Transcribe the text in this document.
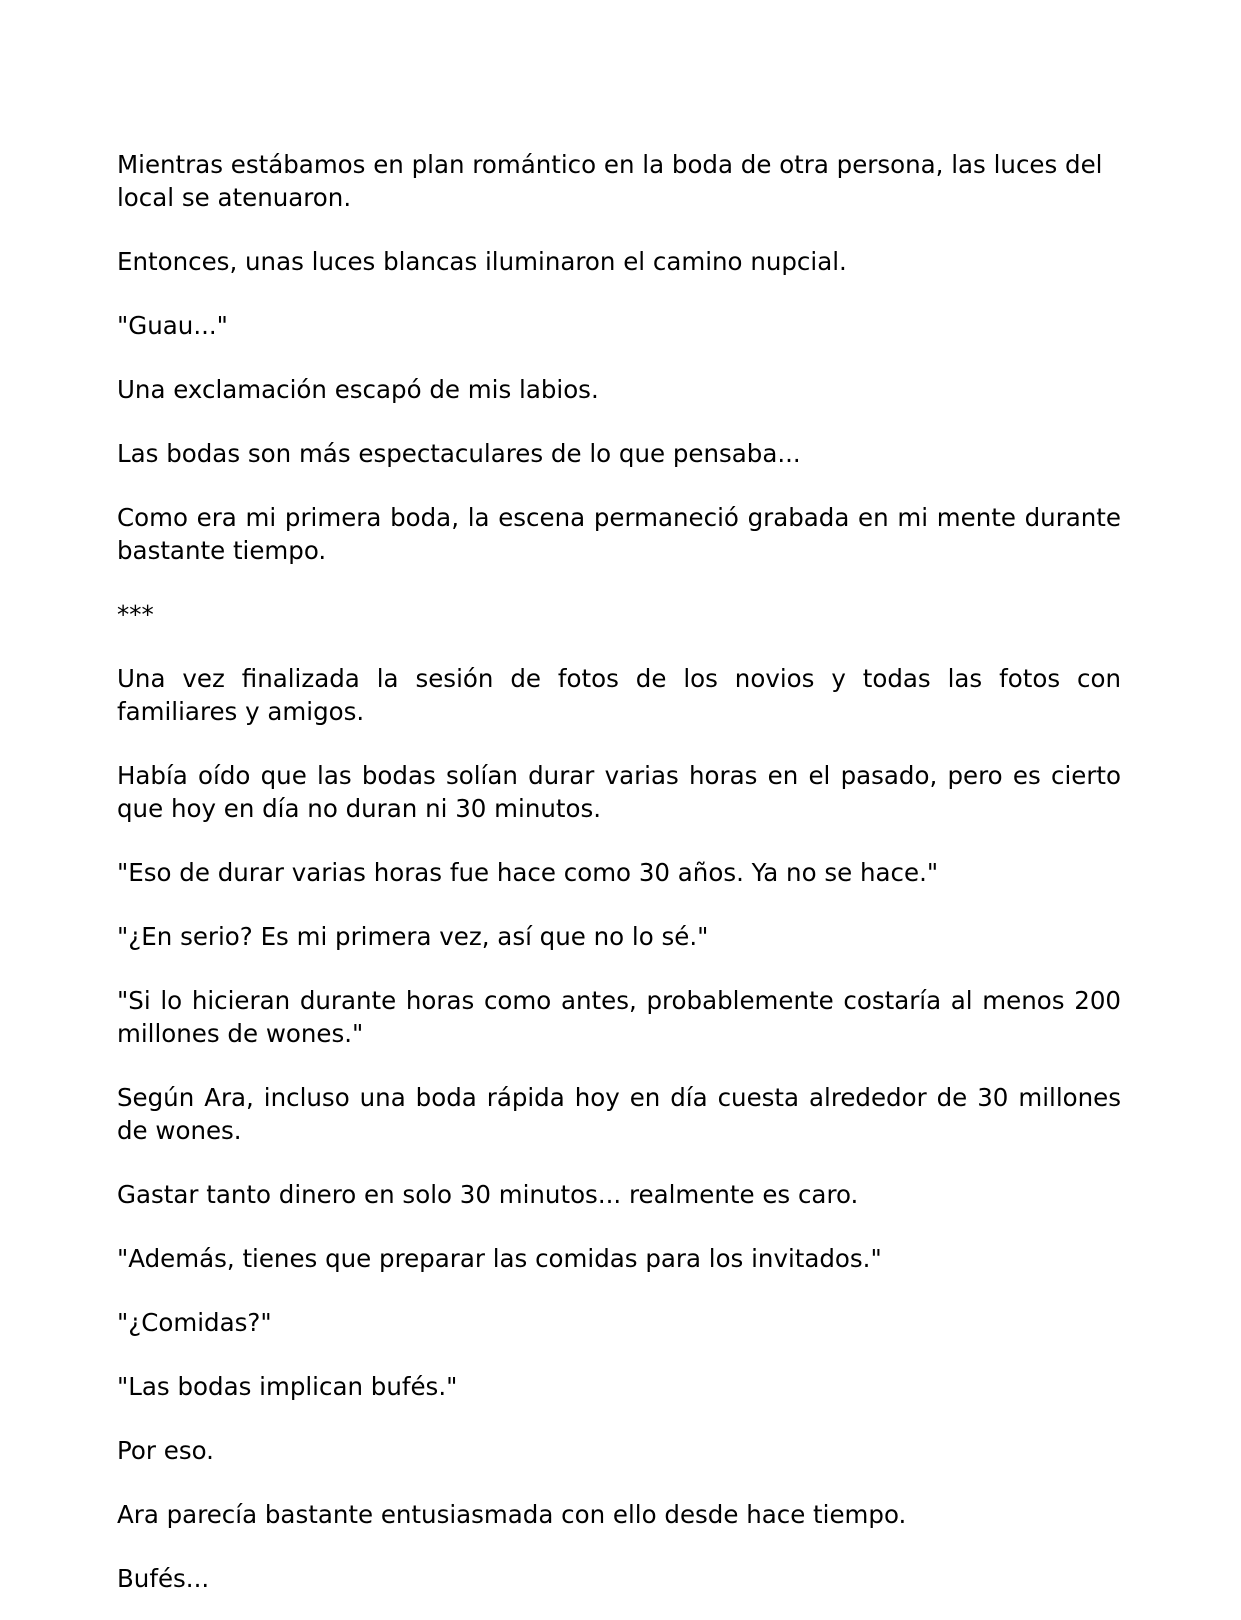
Mientras estábamos en plan romántico en la boda de otra persona, las luces del local se atenuaron.

Entonces, unas luces blancas iluminaron el camino nupcial.

"Guau..."

Una exclamación escapó de mis labios.

Las bodas son más espectaculares de lo que pensaba...

Como era mi primera boda, la escena permaneció grabada en mi mente durante bastante tiempo.

***

Una vez finalizada la sesión de fotos de los novios y todas las fotos con familiares y amigos.

Había oído que las bodas solían durar varias horas en el pasado, pero es cierto que hoy en día no duran ni 30 minutos.

"Eso de durar varias horas fue hace como 30 años. Ya no se hace."

"¿En serio? Es mi primera vez, así que no lo sé."

"Si lo hicieran durante horas como antes, probablemente costaría al menos 200 millones de wones."

Según Ara, incluso una boda rápida hoy en día cuesta alrededor de 30 millones de wones.

Gastar tanto dinero en solo 30 minutos... realmente es caro.

"Además, tienes que preparar las comidas para los invitados."

"¿Comidas?"

"Las bodas implican bufés."

Por eso.

Ara parecía bastante entusiasmada con ello desde hace tiempo.

Bufés...
